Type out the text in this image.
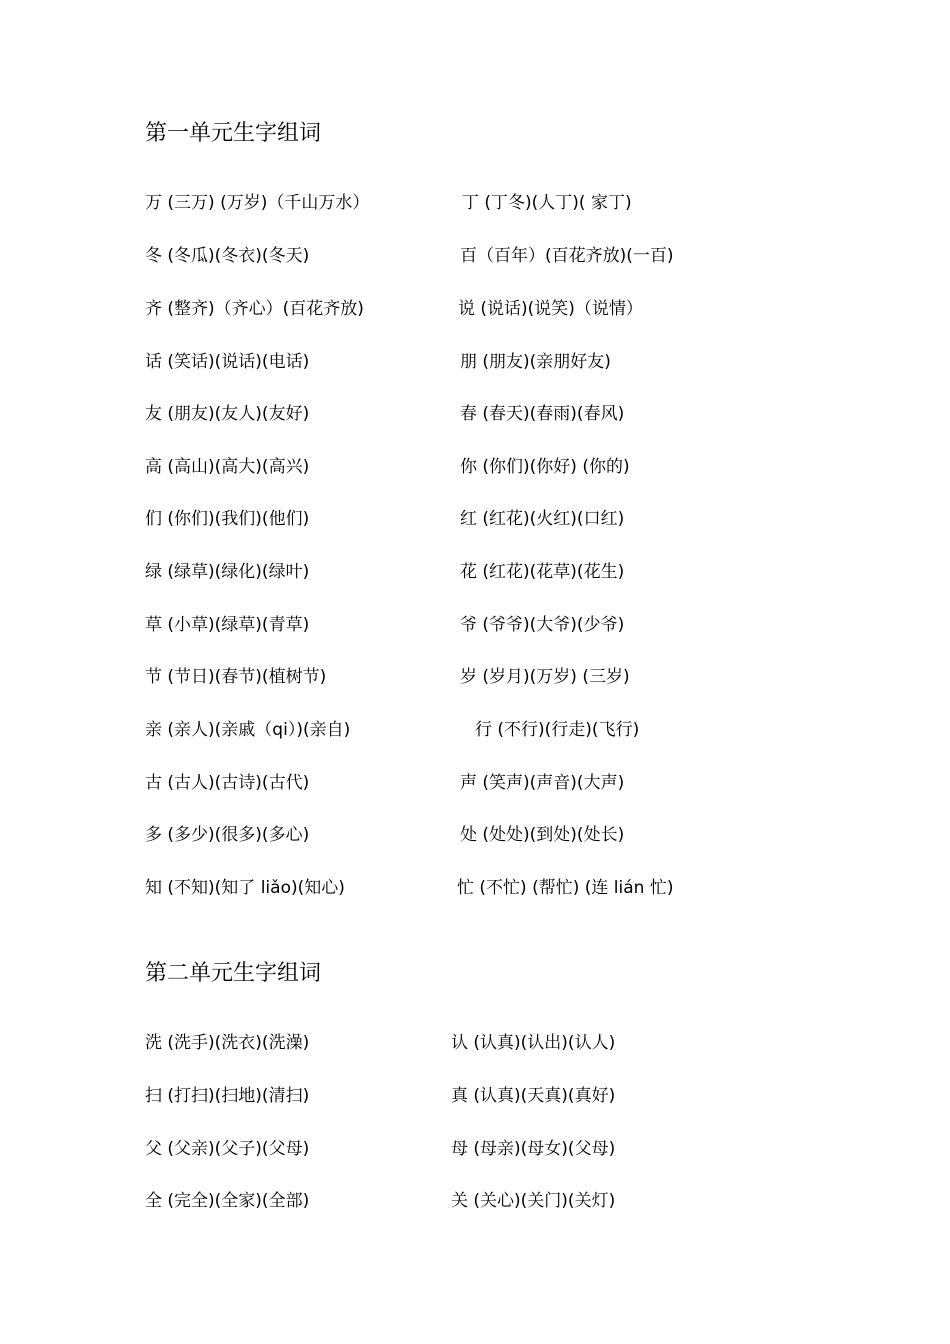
第一单元生字组词
万 (三万) (万岁)（千山万水）	丁 (丁冬)(人丁)( 家丁)
冬 (冬瓜)(冬衣)(冬天)	百（百年）(百花齐放)(一百)
齐 (整齐)（齐心）(百花齐放)	说 (说话)(说笑)（说情）
话 (笑话)(说话)(电话)	朋 (朋友)(亲朋好友)
友 (朋友)(友人)(友好)	春 (春天)(春雨)(春风)
高 (高山)(高大)(高兴)	你 (你们)(你好) (你的)
们 (你们)(我们)(他们)	红 (红花)(火红)(口红)
绿 (绿草)(绿化)(绿叶)	花 (红花)(花草)(花生)
草 (小草)(绿草)(青草)	爷 (爷爷)(大爷)(少爷)
节 (节日)(春节)(植树节)	岁 (岁月)(万岁) (三岁)
亲 (亲人)(亲戚（qi）)(亲自)	行 (不行)(行走)(飞行)
古 (古人)(古诗)(古代)	声 (笑声)(声音)(大声)
多 (多少)(很多)(多心)	处 (处处)(到处)(处长)
知 (不知)(知了 liǎo)(知心)	忙 (不忙) (帮忙) (连 lián 忙)
第二单元生字组词
洗 (洗手)(洗衣)(洗澡)	认 (认真)(认出)(认人)
扫 (打扫)(扫地)(清扫)	真 (认真)(天真)(真好)
父 (父亲)(父子)(父母)	母 (母亲)(母女)(父母)
全 (完全)(全家)(全部)	关 (关心)(关门)(关灯)
